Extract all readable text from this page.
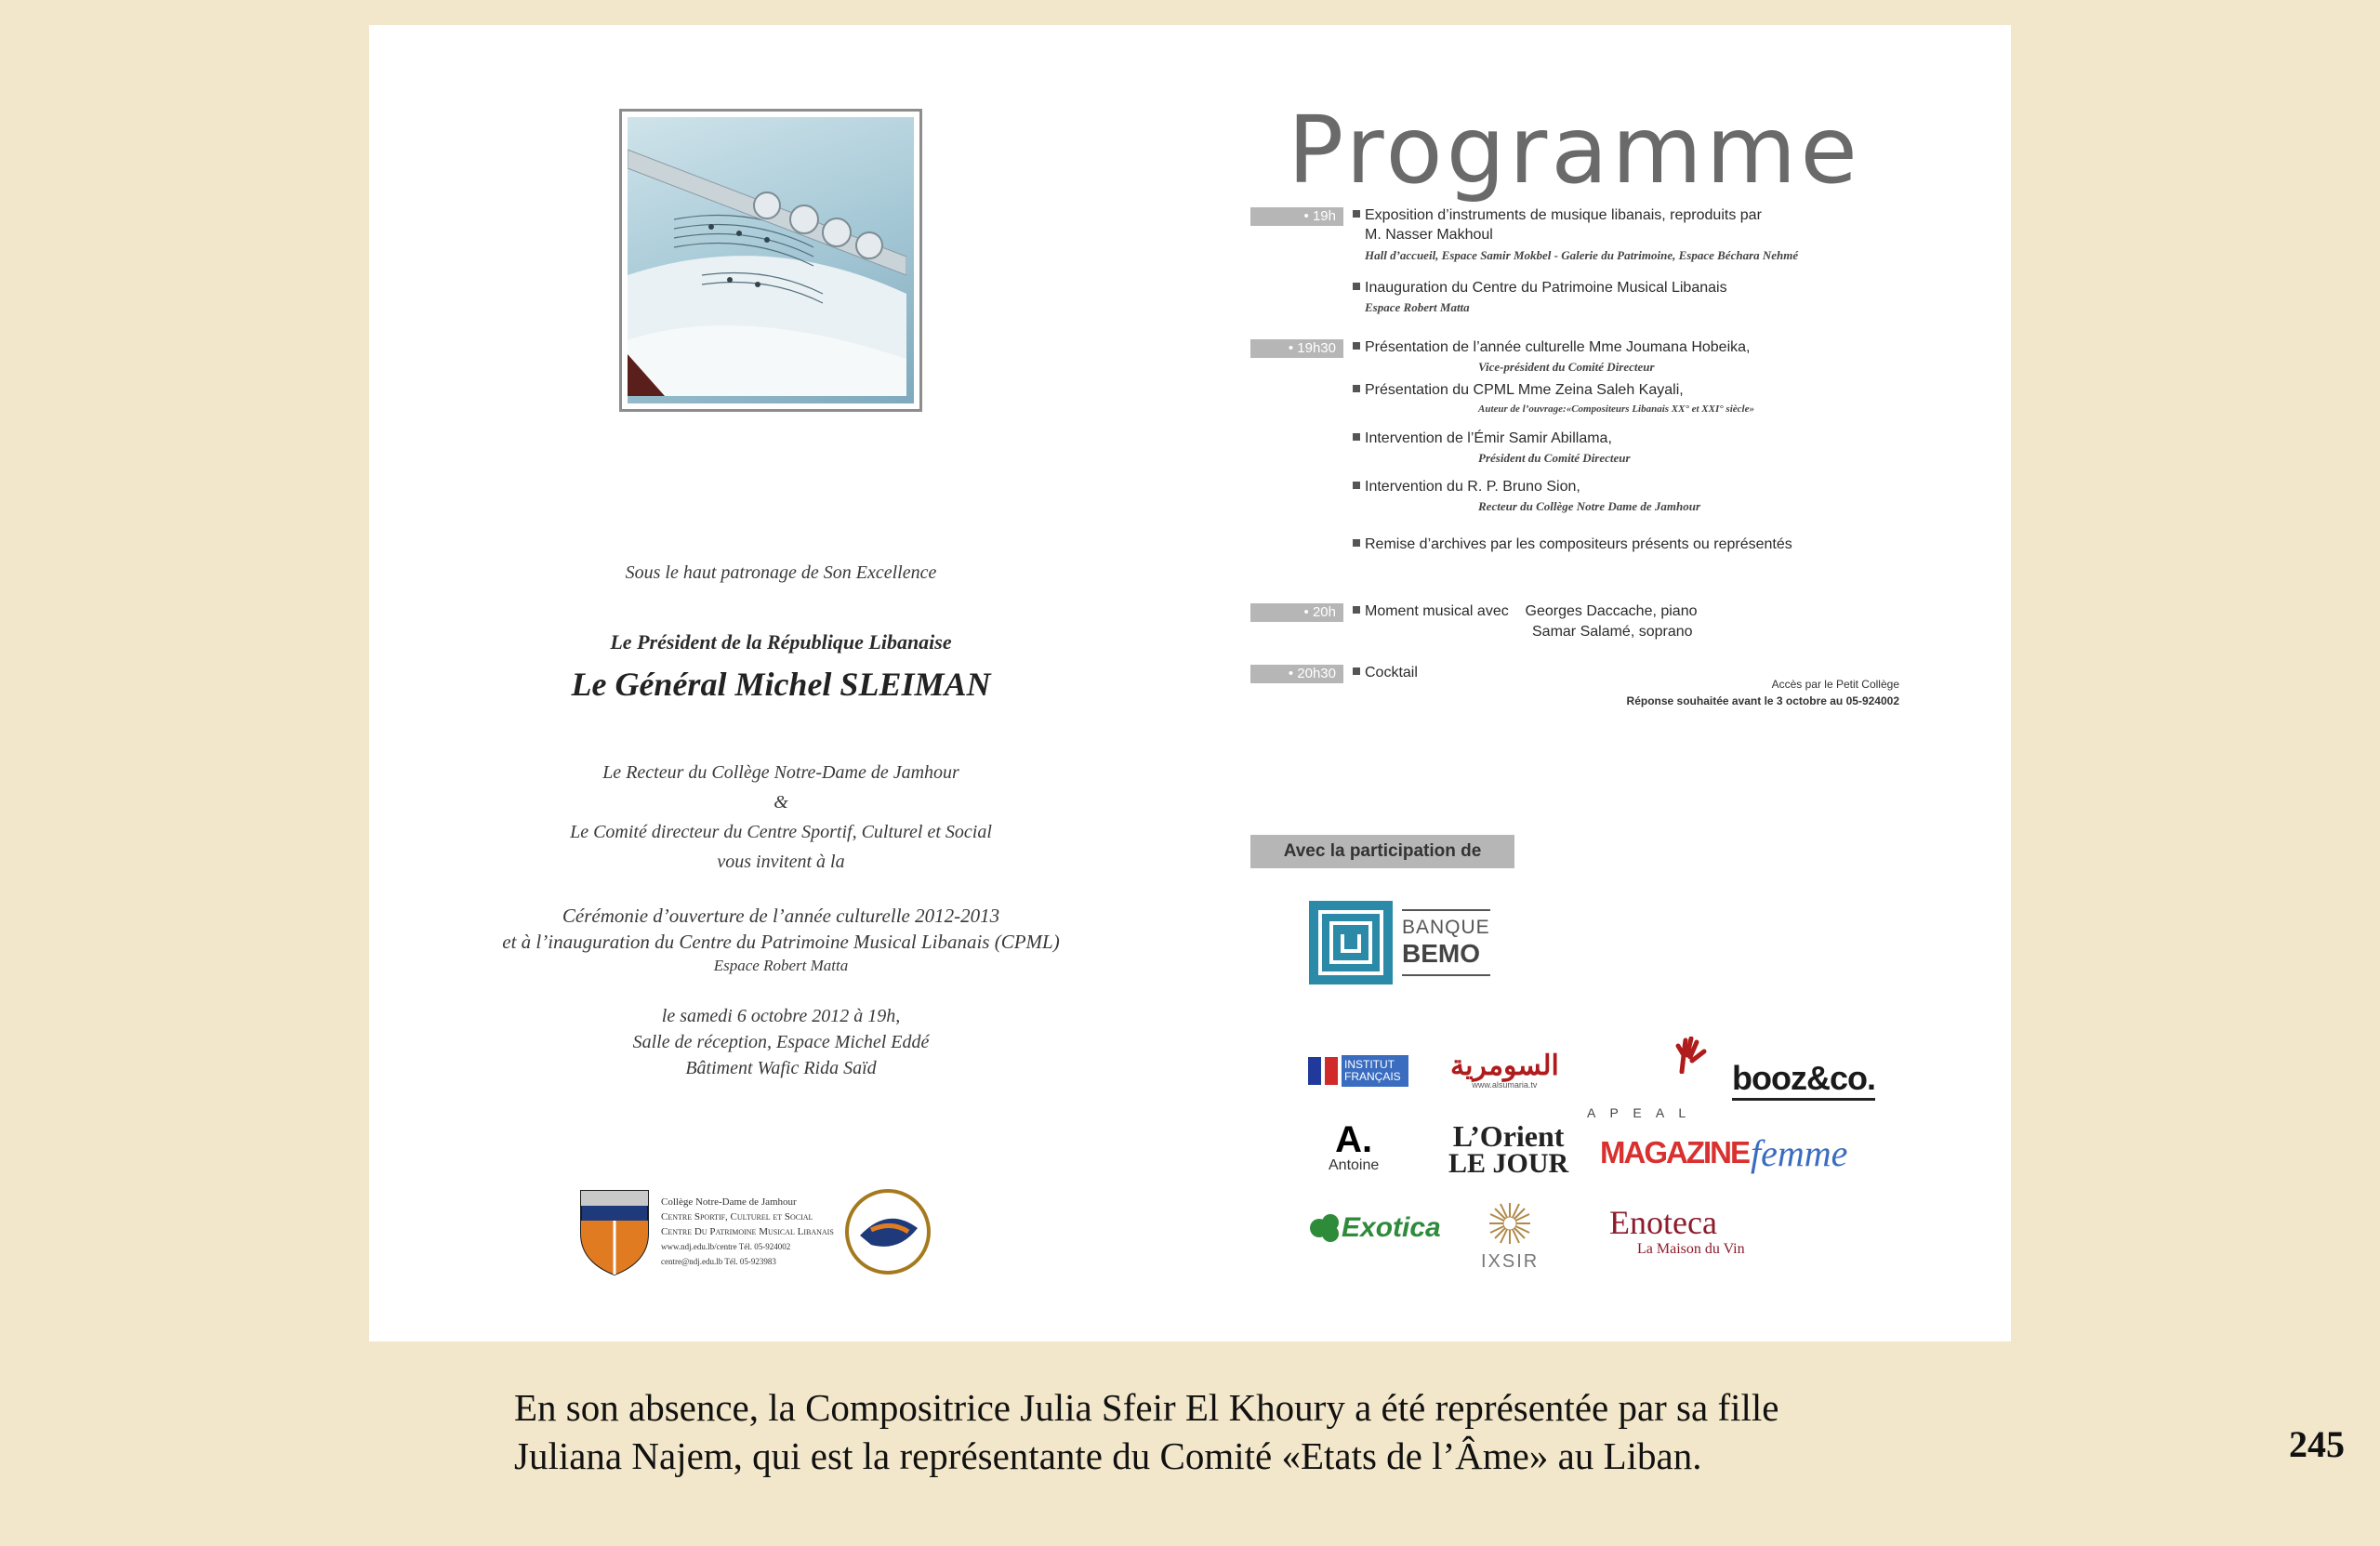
Sous le haut patronage de Son Excellence
Le Président de la République Libanaise
Le Général Michel SLEIMAN
Le Recteur du Collège Notre-Dame de Jamhour
&
Le Comité directeur du Centre Sportif, Culturel et Social
vous invitent à la
Cérémonie d’ouverture de l’année culturelle 2012-2013
et à l’inauguration du Centre du Patrimoine Musical Libanais (CPML)
Espace Robert Matta
le samedi 6 octobre 2012 à 19h,
Salle de réception, Espace Michel Eddé
Bâtiment Wafic Rida Saïd
Collège Notre-Dame de Jamhour
Centre Sportif, Culturel et Social
Centre Du Patrimoine Musical Libanais
www.ndj.edu.lb/centre Tél. 05-924002
centre@ndj.edu.lb Tél. 05-923983
Programme
• 19h	Exposition d’instruments de musique libanais, reproduits par
M. Nasser Makhoul
Hall d’accueil, Espace Samir Mokbel - Galerie du Patrimoine, Espace Béchara Nehmé
Inauguration du Centre du Patrimoine Musical Libanais
Espace Robert Matta
• 19h30	Présentation de l’année culturelle Mme Joumana Hobeika,
Vice-président du Comité Directeur
Présentation du CPML Mme Zeina Saleh Kayali,
Auteur de l’ouvrage:«Compositeurs Libanais XX° et XXI° siècle»
Intervention de l’Émir Samir Abillama,
Président du Comité Directeur
Intervention du R. P. Bruno Sion,
Recteur du Collège Notre Dame de Jamhour
Remise d’archives par les compositeurs présents ou représentés
• 20h	Moment musical avec    Georges Daccache, piano
Samar Salamé, soprano
• 20h30	Cocktail
Accès par le Petit Collège
Réponse souhaitée avant le 3 octobre au 05-924002
Avec la participation de
BANQUE
BEMO
INSTITUT FRANÇAIS السومرية
www.alsumaria.tv
A P E A L
booz&co.
A.
Antoine
L’Orient
LE JOUR MAGAZINE femme
Exotica
IXSIR
Enoteca
La Maison du Vin
En son absence, la Compositrice Julia Sfeir El Khoury a été représentée par sa fille
Juliana Najem, qui est la représentante du Comité «Etats de l’Âme» au Liban.	245
